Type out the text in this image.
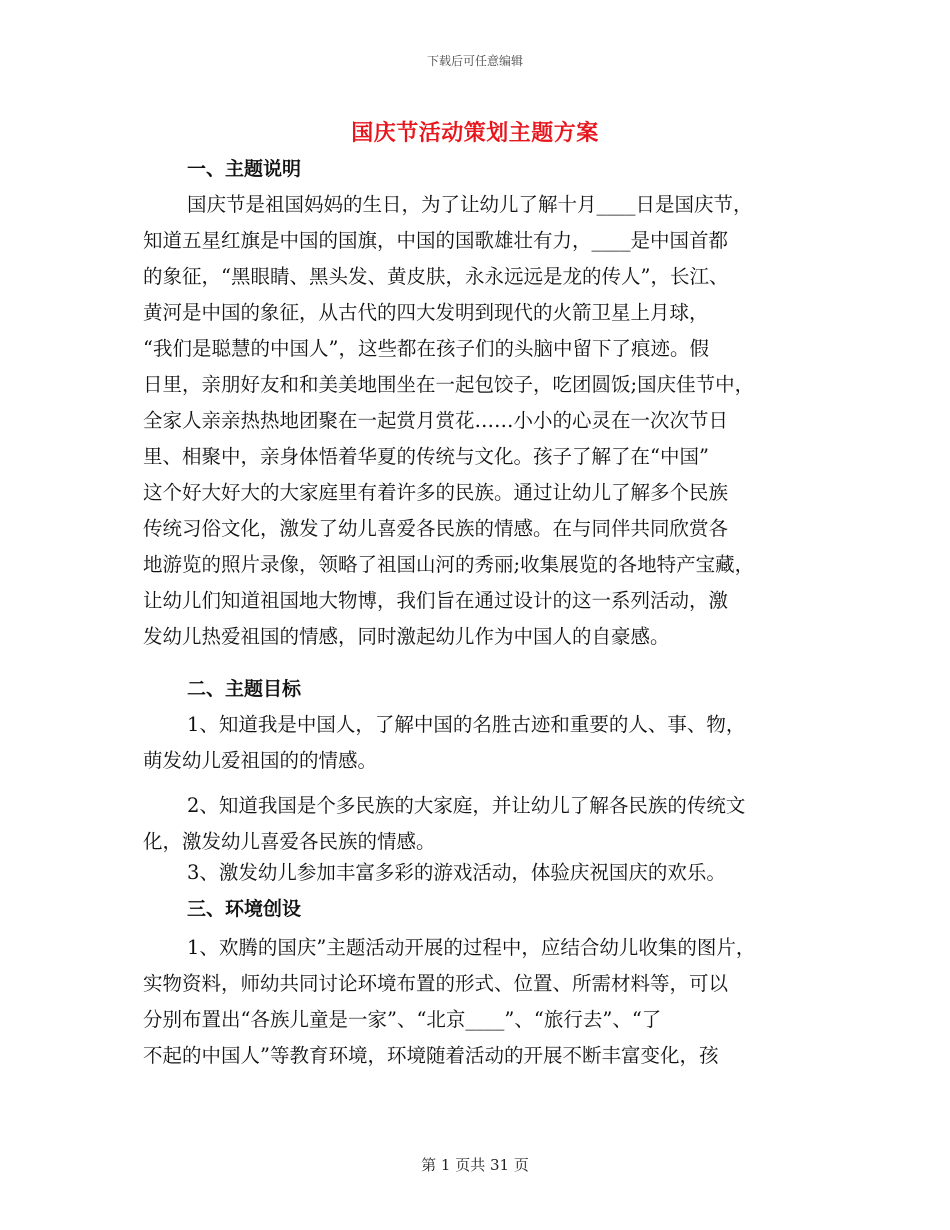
下载后可任意编辑
国庆节活动策划主题方案
一、主题说明
国庆节是祖国妈妈的生日，为了让幼儿了解十月____日是国庆节，
知道五星红旗是中国的国旗，中国的国歌雄壮有力，____是中国首都
的象征，“黑眼睛、黑头发、黄皮肤，永永远远是龙的传人”，长江、
黄河是中国的象征，从古代的四大发明到现代的火箭卫星上月球，
“我们是聪慧的中国人”，这些都在孩子们的头脑中留下了痕迹。假
日里，亲朋好友和和美美地围坐在一起包饺子，吃团圆饭;国庆佳节中，
全家人亲亲热热地团聚在一起赏月赏花……小小的心灵在一次次节日
里、相聚中，亲身体悟着华夏的传统与文化。孩子了解了在“中国”
这个好大好大的大家庭里有着许多的民族。通过让幼儿了解多个民族
传统习俗文化，激发了幼儿喜爱各民族的情感。在与同伴共同欣赏各
地游览的照片录像，领略了祖国山河的秀丽;收集展览的各地特产宝藏，
让幼儿们知道祖国地大物博，我们旨在通过设计的这一系列活动，激
发幼儿热爱祖国的情感，同时激起幼儿作为中国人的自豪感。
二、主题目标
1、知道我是中国人，了解中国的名胜古迹和重要的人、事、物，
萌发幼儿爱祖国的的情感。
2、知道我国是个多民族的大家庭，并让幼儿了解各民族的传统文
化，激发幼儿喜爱各民族的情感。
3、激发幼儿参加丰富多彩的游戏活动，体验庆祝国庆的欢乐。
三、环境创设
1、欢腾的国庆”主题活动开展的过程中，应结合幼儿收集的图片，
实物资料，师幼共同讨论环境布置的形式、位置、所需材料等，可以
分别布置出“各族儿童是一家”、“北京____”、“旅行去”、“了
不起的中国人”等教育环境，环境随着活动的开展不断丰富变化，孩
第 1 页共 31 页
